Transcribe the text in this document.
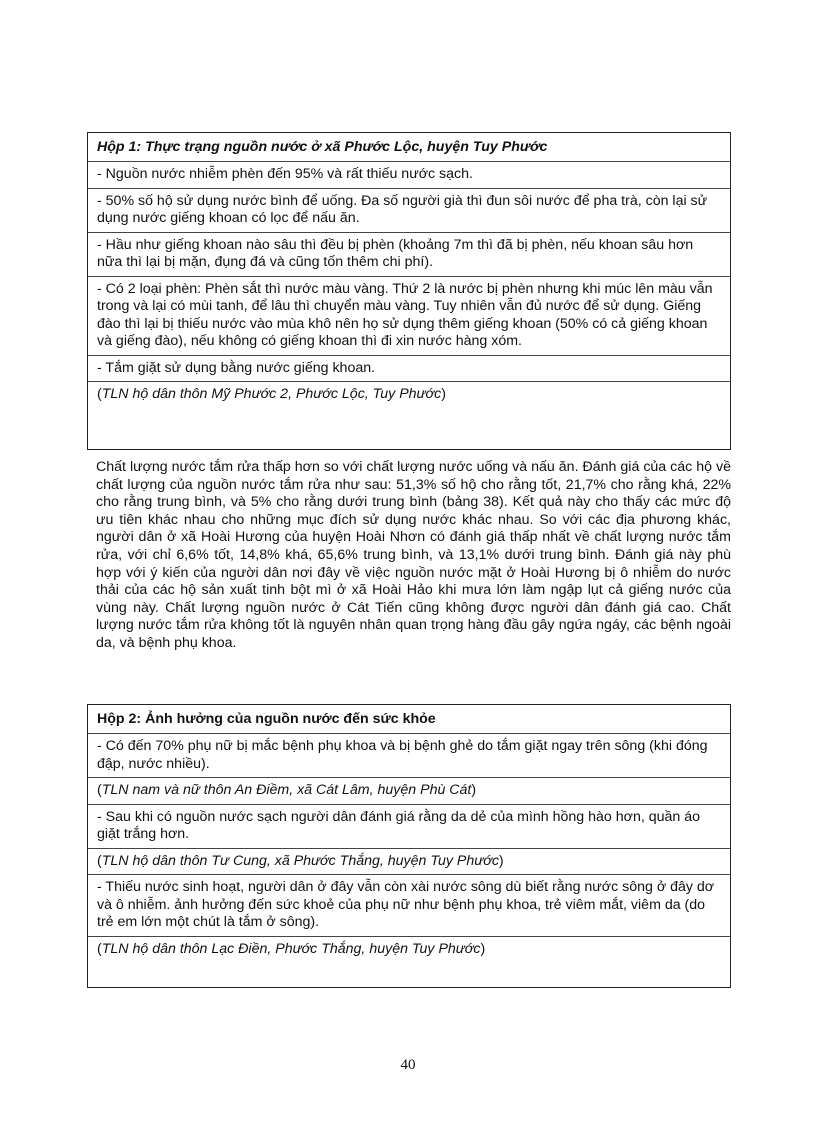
Hộp 1: Thực trạng nguồn nước ở xã Phước Lộc, huyện Tuy Phước
- Nguồn nước nhiễm phèn đến 95% và rất thiếu nước sạch.
- 50% số hộ sử dụng nước bình để uống. Đa số người già thì đun sôi nước để pha trà, còn lại sử dụng nước giếng khoan có lọc để nấu ăn.
- Hầu như giếng khoan nào sâu thì đều bị phèn (khoảng 7m thì đã bị phèn, nếu khoan sâu hơn nữa thì lại bị mặn, đụng đá và cũng tốn thêm chi phí).
- Có 2 loại phèn: Phèn sắt thì nước màu vàng. Thứ 2 là nước bị phèn nhưng khi múc lên màu vẫn trong và lại có mùi tanh, để lâu thì chuyển màu vàng. Tuy nhiên vẫn đủ nước để sử dụng. Giếng đào thì lại bị thiếu nước vào mùa khô nên họ sử dụng thêm giếng khoan (50% có cả giếng khoan và giếng đào), nếu không có giếng khoan thì đi xin nước hàng xóm.
- Tắm giặt sử dụng bằng nước giếng khoan.
(TLN hộ dân thôn Mỹ Phước 2, Phước Lộc, Tuy Phước)
Chất lượng nước tắm rửa thấp hơn so với chất lượng nước uống và nấu ăn. Đánh giá của các hộ về chất lượng của nguồn nước tắm rửa như sau: 51,3% số hộ cho rằng tốt, 21,7% cho rằng khá, 22% cho rằng trung bình, và 5% cho rằng dưới trung bình (bảng 38). Kết quả này cho thấy các mức độ ưu tiên khác nhau cho những mục đích sử dụng nước khác nhau. So với các địa phương khác, người dân ở xã Hoài Hương của huyện Hoài Nhơn có đánh giá thấp nhất về chất lượng nước tắm rửa, với chỉ 6,6% tốt, 14,8% khá, 65,6% trung bình, và 13,1% dưới trung bình. Đánh giá này phù hợp với ý kiến của người dân nơi đây về việc nguồn nước mặt ở Hoài Hương bị ô nhiễm do nước thải của các hộ sản xuất tinh bột mì ở xã Hoài Hảo khi mưa lớn làm ngập lụt cả giếng nước của vùng này. Chất lượng nguồn nước ở Cát Tiến cũng không được người dân đánh giá cao. Chất lượng nước tắm rửa không tốt là nguyên nhân quan trọng hàng đầu gây ngứa ngáy, các bệnh ngoài da, và bệnh phụ khoa.
Hộp 2: Ảnh hưởng của nguồn nước đến sức khỏe
- Có đến 70% phụ nữ bị mắc bệnh phụ khoa và bị bệnh ghẻ do tắm giặt ngay trên sông (khi đóng đập, nước nhiều).
(TLN nam và nữ thôn An Điềm, xã Cát Lâm, huyện Phù Cát)
- Sau khi có nguồn nước sạch người dân đánh giá rằng da dẻ của mình hồng hào hơn, quần áo giặt trắng hơn.
(TLN hộ dân thôn Tư Cung, xã Phước Thắng, huyện Tuy Phước)
- Thiếu nước sinh hoạt, người dân ở đây vẫn còn xài nước sông dù biết rằng nước sông ở đây dơ và ô nhiễm. ảnh hưởng đến sức khoẻ của phụ nữ như bệnh phụ khoa, trẻ viêm mắt, viêm da (do trẻ em lớn một chút là tắm ở sông).
(TLN hộ dân thôn Lạc Điền, Phước Thắng, huyện Tuy Phước)
40
